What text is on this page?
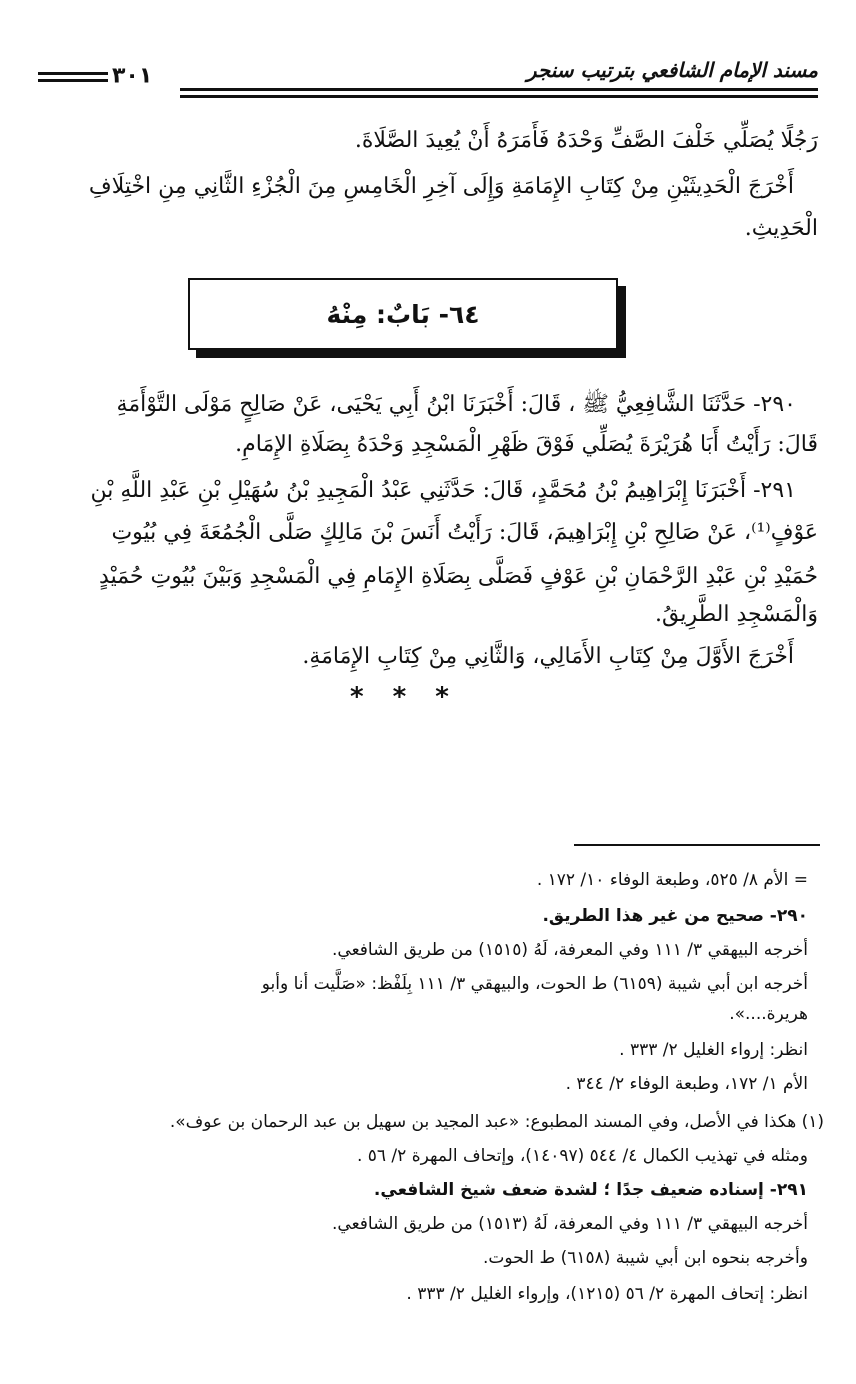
مسند الإمام الشافعي بترتيب سنجر
٣٠١
رَجُلًا يُصَلِّي خَلْفَ الصَّفِّ وَحْدَهُ فَأَمَرَهُ أَنْ يُعِيدَ الصَّلَاةَ.
أَخْرَجَ الْحَدِيثَيْنِ مِنْ كِتَابِ الإِمَامَةِ وَإِلَى آخِرِ الْخَامِسِ مِنَ الْجُزْءِ الثَّانِي مِنِ اخْتِلَافِ
الْحَدِيثِ.
٦٤- بَابٌ: مِنْهُ
٢٩٠- حَدَّثَنَا الشَّافِعِيُّ ﷺ ، قَالَ: أَخْبَرَنَا ابْنُ أَبِي يَحْيَى، عَنْ صَالِحٍ مَوْلَى التَّوْأَمَةِ
قَالَ: رَأَيْتُ أَبَا هُرَيْرَةَ يُصَلِّي فَوْقَ ظَهْرِ الْمَسْجِدِ وَحْدَهُ بِصَلَاةِ الإِمَامِ.
٢٩١- أَخْبَرَنَا إِبْرَاهِيمُ بْنُ مُحَمَّدٍ، قَالَ: حَدَّثَنِي عَبْدُ الْمَجِيدِ بْنُ سُهَيْلِ بْنِ عَبْدِ اللَّهِ بْنِ
عَوْفٍ⁽¹⁾، عَنْ صَالِحِ بْنِ إِبْرَاهِيمَ، قَالَ: رَأَيْتُ أَنَسَ بْنَ مَالِكٍ صَلَّى الْجُمُعَةَ فِي بُيُوتِ
حُمَيْدِ بْنِ عَبْدِ الرَّحْمَانِ بْنِ عَوْفٍ فَصَلَّى بِصَلَاةِ الإِمَامِ فِي الْمَسْجِدِ وَبَيْنَ بُيُوتِ حُمَيْدٍ
وَالْمَسْجِدِ الطَّرِيقُ.
أَخْرَجَ الأَوَّلَ مِنْ كِتَابِ الأَمَالِي، وَالثَّانِي مِنْ كِتَابِ الإِمَامَةِ.
* * *
= الأم ٨/ ٥٢٥، وطبعة الوفاء ١٠/ ١٧٢ .
٢٩٠- صحيح من غير هذا الطريق.
أخرجه البيهقي ٣/ ١١١ وفي المعرفة، لَهُ (١٥١٥) من طريق الشافعي.
أخرجه ابن أبي شيبة (٦١٥٩) ط الحوت، والبيهقي ٣/ ١١١ بِلَفْظ: «صَلَّيت أنا وأبو
هريرة....».
انظر: إرواء الغليل ٢/ ٣٣٣ .
الأم ١/ ١٧٢، وطبعة الوفاء ٢/ ٣٤٤ .
(١) هكذا في الأصل، وفي المسند المطبوع: «عبد المجيد بن سهيل بن عبد الرحمان بن عوف».
ومثله في تهذيب الكمال ٤/ ٥٤٤ (١٤٠٩٧)، وإتحاف المهرة ٢/ ٥٦ .
٢٩١- إسناده ضعيف جدًا ؛ لشدة ضعف شيخ الشافعي.
أخرجه البيهقي ٣/ ١١١ وفي المعرفة، لَهُ (١٥١٣) من طريق الشافعي.
وأخرجه بنحوه ابن أبي شيبة (٦١٥٨) ط الحوت.
انظر: إتحاف المهرة ٢/ ٥٦ (١٢١٥)، وإرواء الغليل ٢/ ٣٣٣ .
